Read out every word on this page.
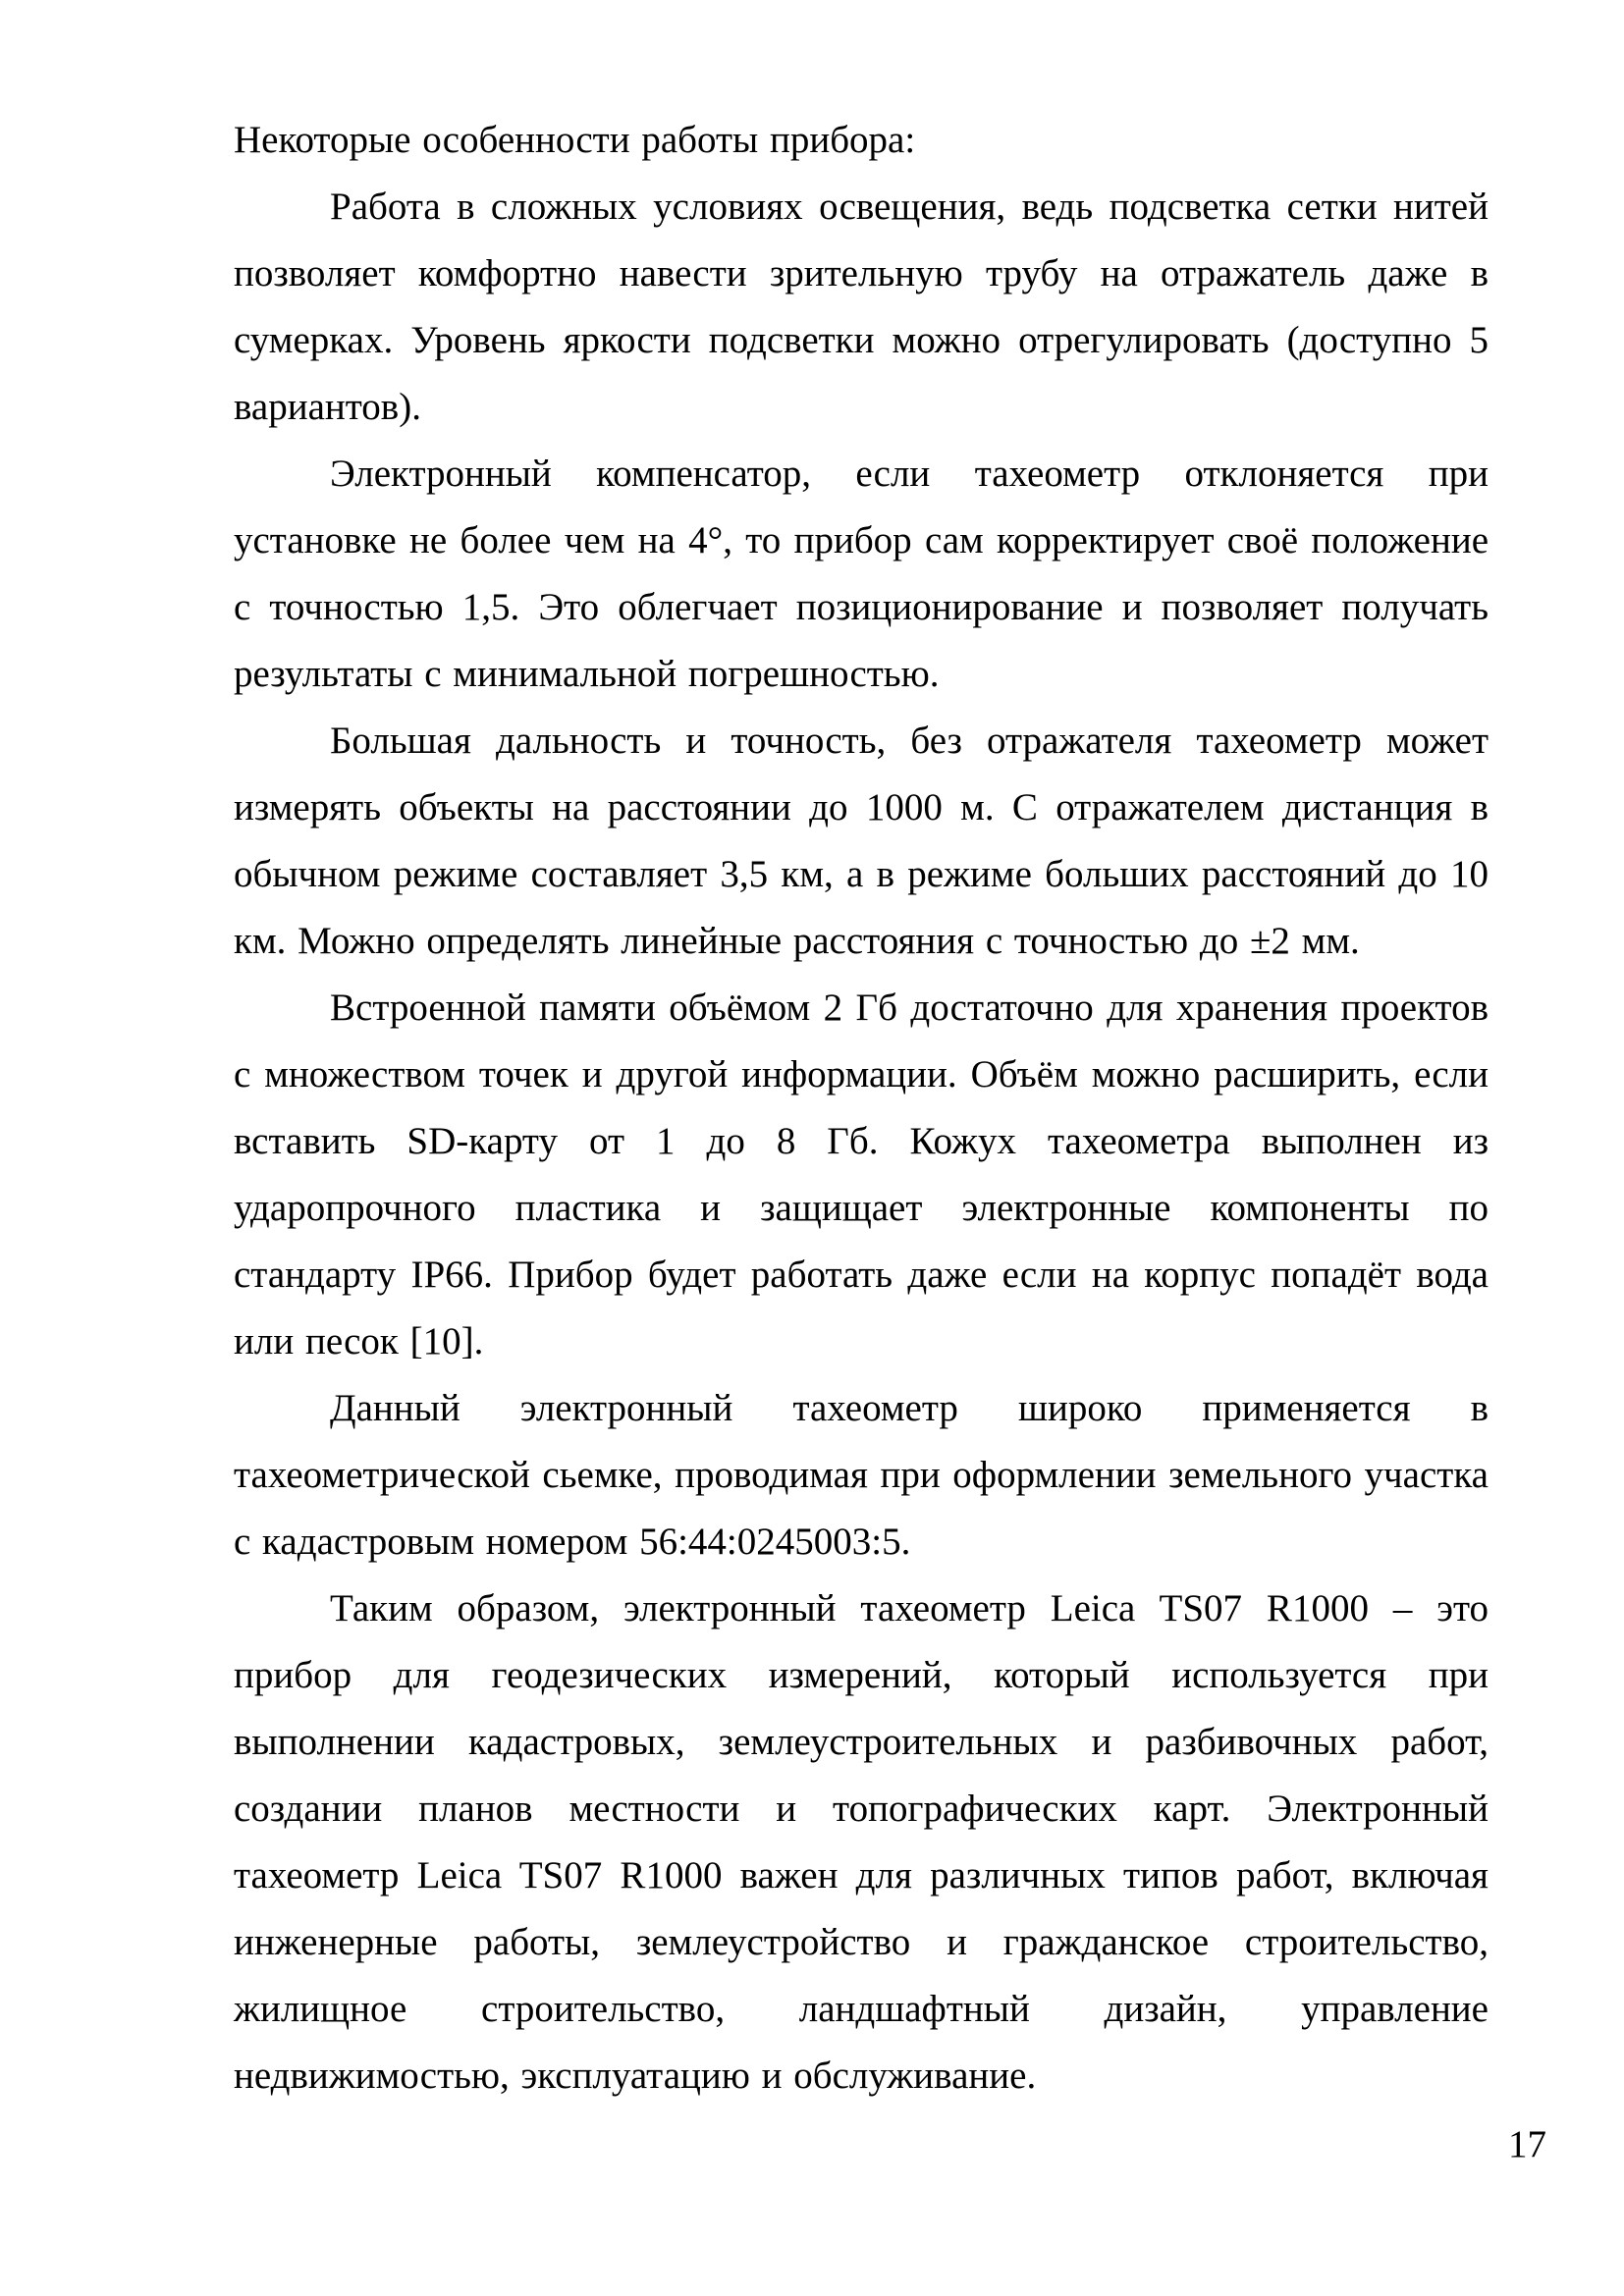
Некоторые особенности работы прибора:

Работа в сложных условиях освещения, ведь подсветка сетки нитей позволяет комфортно навести зрительную трубу на отражатель даже в сумерках. Уровень яркости подсветки можно отрегулировать (доступно 5 вариантов).

Электронный компенсатор, если тахеометр отклоняется при установке не более чем на 4°, то прибор сам корректирует своё положение с точностью 1,5. Это облегчает позиционирование и позволяет получать результаты с минимальной погрешностью.

Большая дальность и точность, без отражателя тахеометр может измерять объекты на расстоянии до 1000 м. С отражателем дистанция в обычном режиме составляет 3,5 км, а в режиме больших расстояний до 10 км. Можно определять линейные расстояния с точностью до ±2 мм.

Встроенной памяти объёмом 2 Гб достаточно для хранения проектов с множеством точек и другой информации. Объём можно расширить, если вставить SD-карту от 1 до 8 Гб. Кожух тахеометра выполнен из ударопрочного пластика и защищает электронные компоненты по стандарту IP66. Прибор будет работать даже если на корпус попадёт вода или песок [10].

Данный электронный тахеометр широко применяется в тахеометрической сьемке, проводимая при оформлении земельного участка с кадастровым номером 56:44:0245003:5.

Таким образом, электронный тахеометр Leica TS07 R1000 – это прибор для геодезических измерений, который используется при выполнении кадастровых, землеустроительных и разбивочных работ, создании планов местности и топографических карт. Электронный тахеометр Leica TS07 R1000 важен для различных типов работ, включая инженерные работы, землеустройство и гражданское строительство, жилищное строительство, ландшафтный дизайн, управление недвижимостью, эксплуатацию и обслуживание.

17
